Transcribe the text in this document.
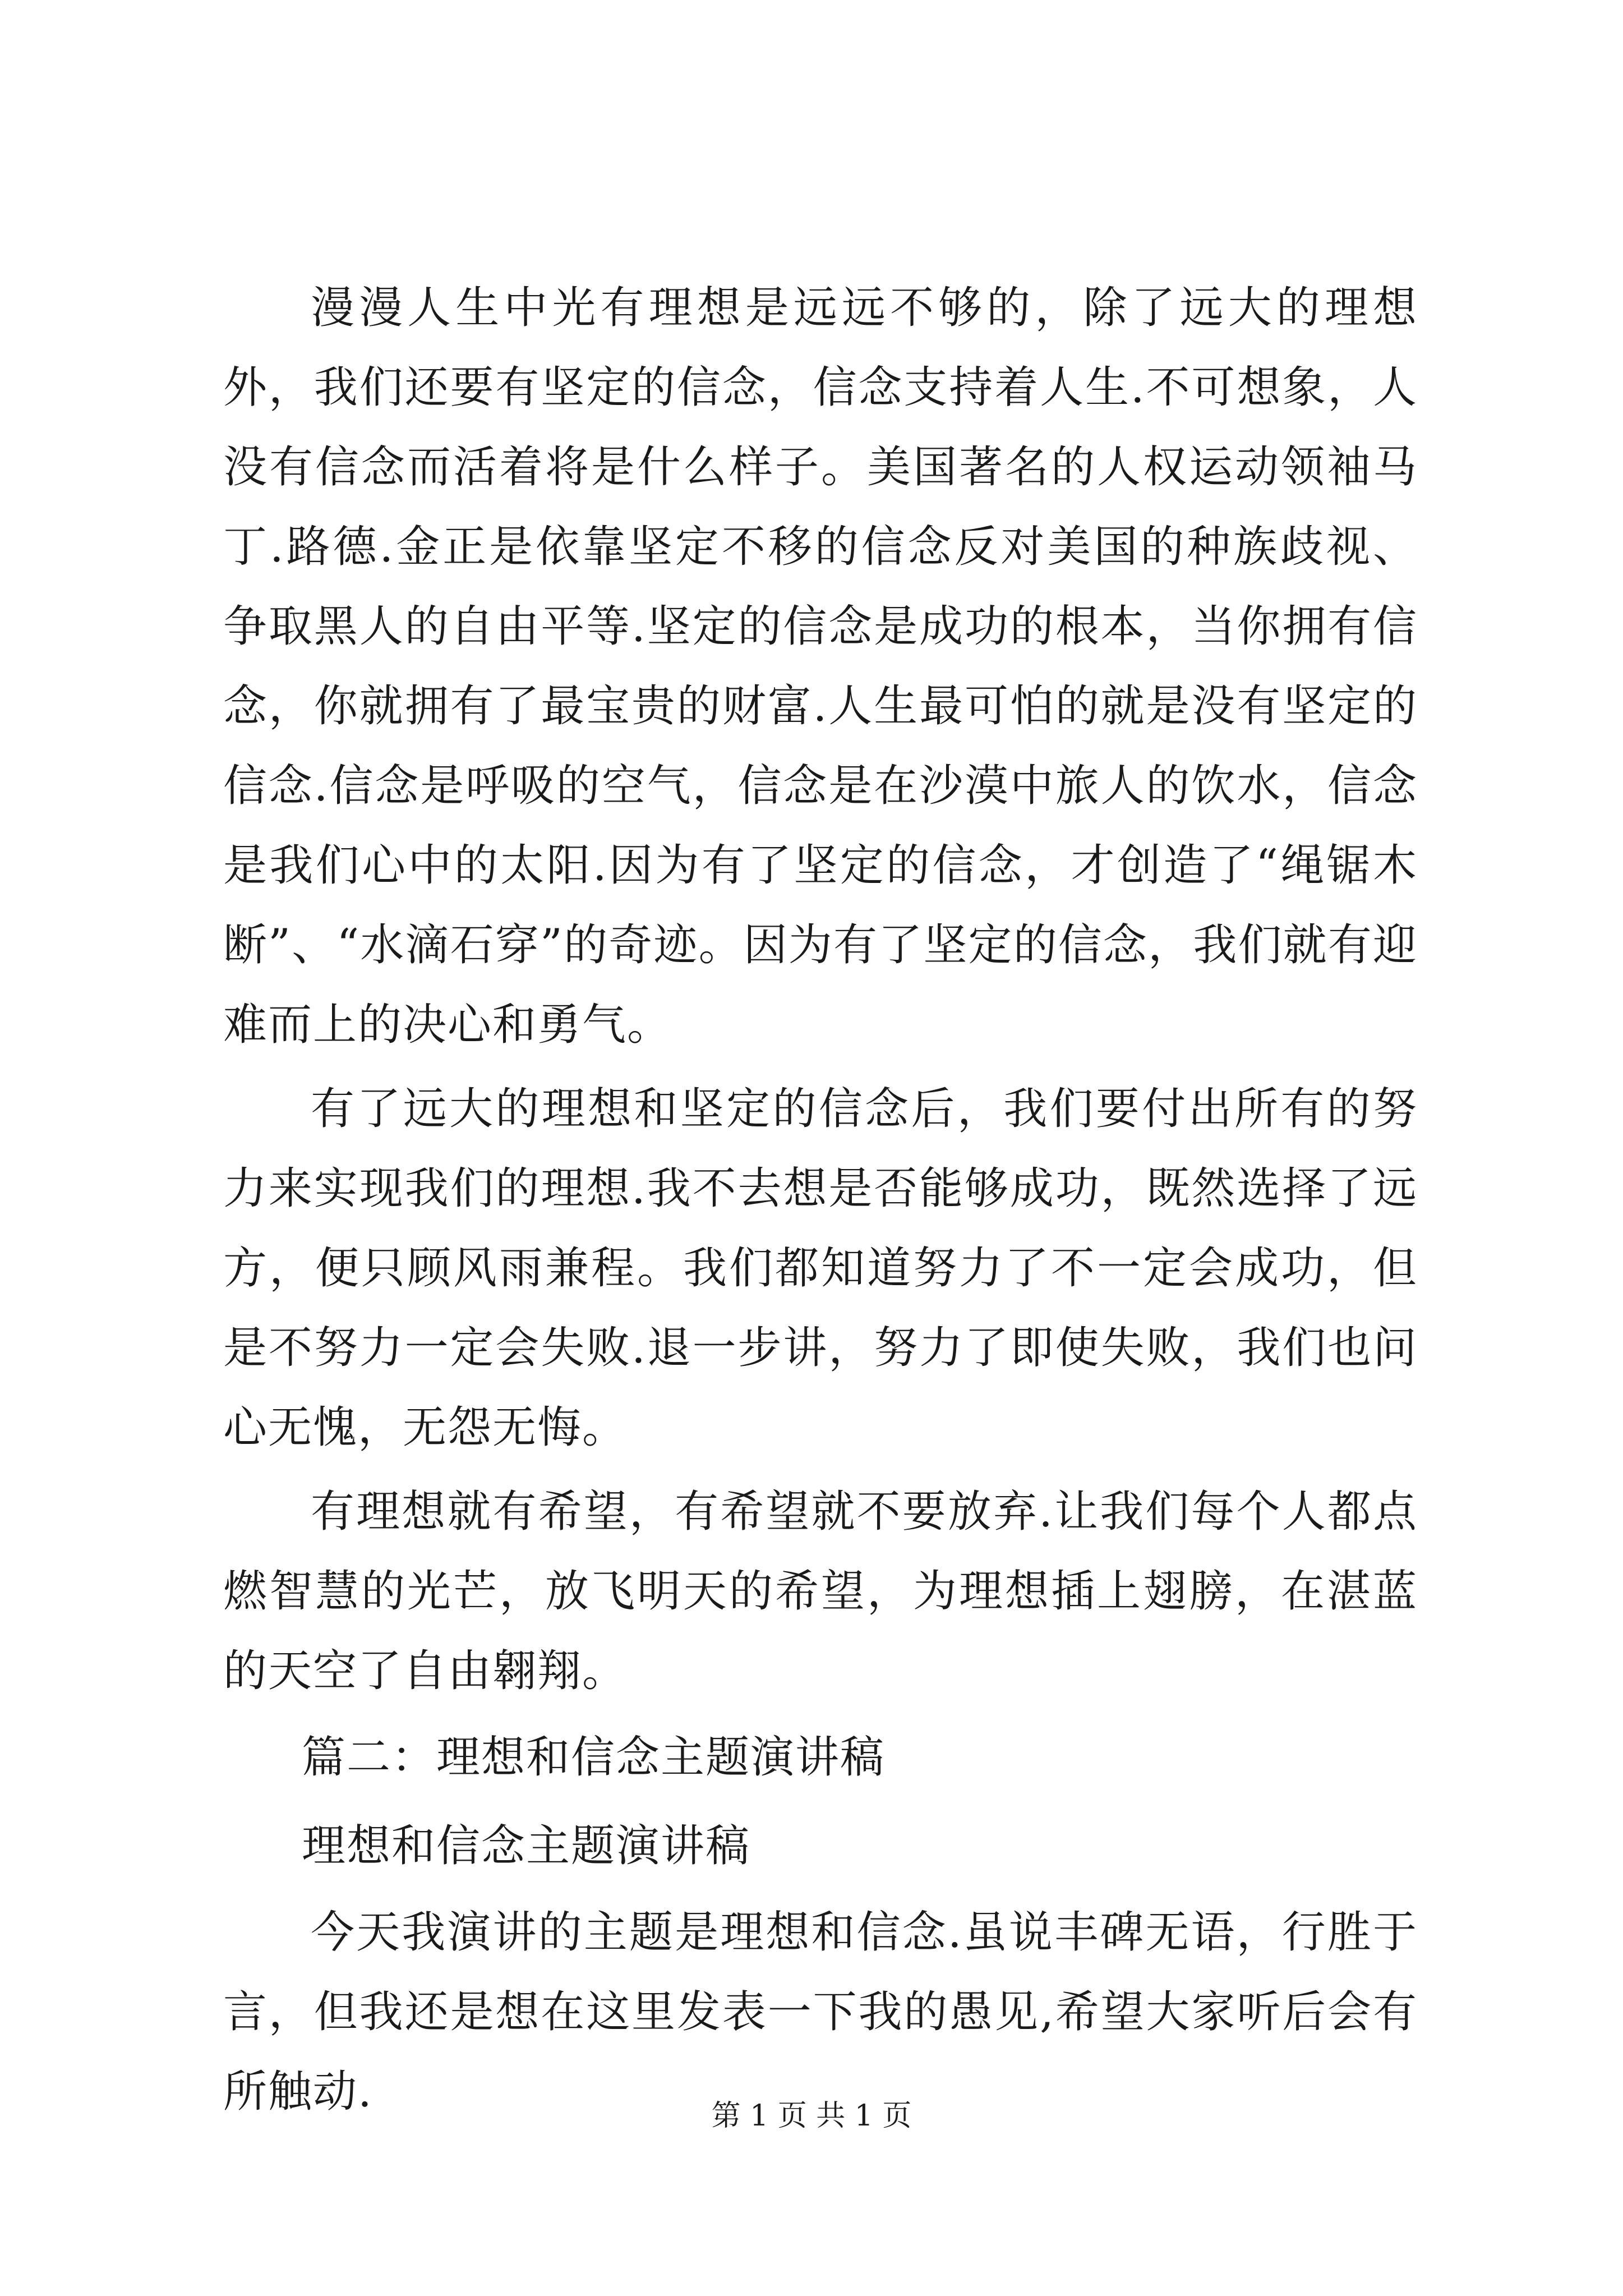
漫漫人生中光有理想是远远不够的，除了远大的理想外，我们还要有坚定的信念，信念支持着人生.不可想象，人没有信念而活着将是什么样子。美国著名的人权运动领袖马丁.路德.金正是依靠坚定不移的信念反对美国的种族歧视、争取黑人的自由平等.坚定的信念是成功的根本，当你拥有信念，你就拥有了最宝贵的财富.人生最可怕的就是没有坚定的信念.信念是呼吸的空气，信念是在沙漠中旅人的饮水，信念是我们心中的太阳.因为有了坚定的信念，才创造了“绳锯木断”、“水滴石穿”的奇迹。因为有了坚定的信念，我们就有迎难而上的决心和勇气。

有了远大的理想和坚定的信念后，我们要付出所有的努力来实现我们的理想.我不去想是否能够成功，既然选择了远方，便只顾风雨兼程。我们都知道努力了不一定会成功，但是不努力一定会失败.退一步讲，努力了即使失败，我们也问心无愧，无怨无悔。

有理想就有希望，有希望就不要放弃.让我们每个人都点燃智慧的光芒，放飞明天的希望，为理想插上翅膀，在湛蓝的天空了自由翱翔。

篇二：理想和信念主题演讲稿

理想和信念主题演讲稿

今天我演讲的主题是理想和信念.虽说丰碑无语，行胜于言，但我还是想在这里发表一下我的愚见,希望大家听后会有所触动.	第 1 页 共 1 页
